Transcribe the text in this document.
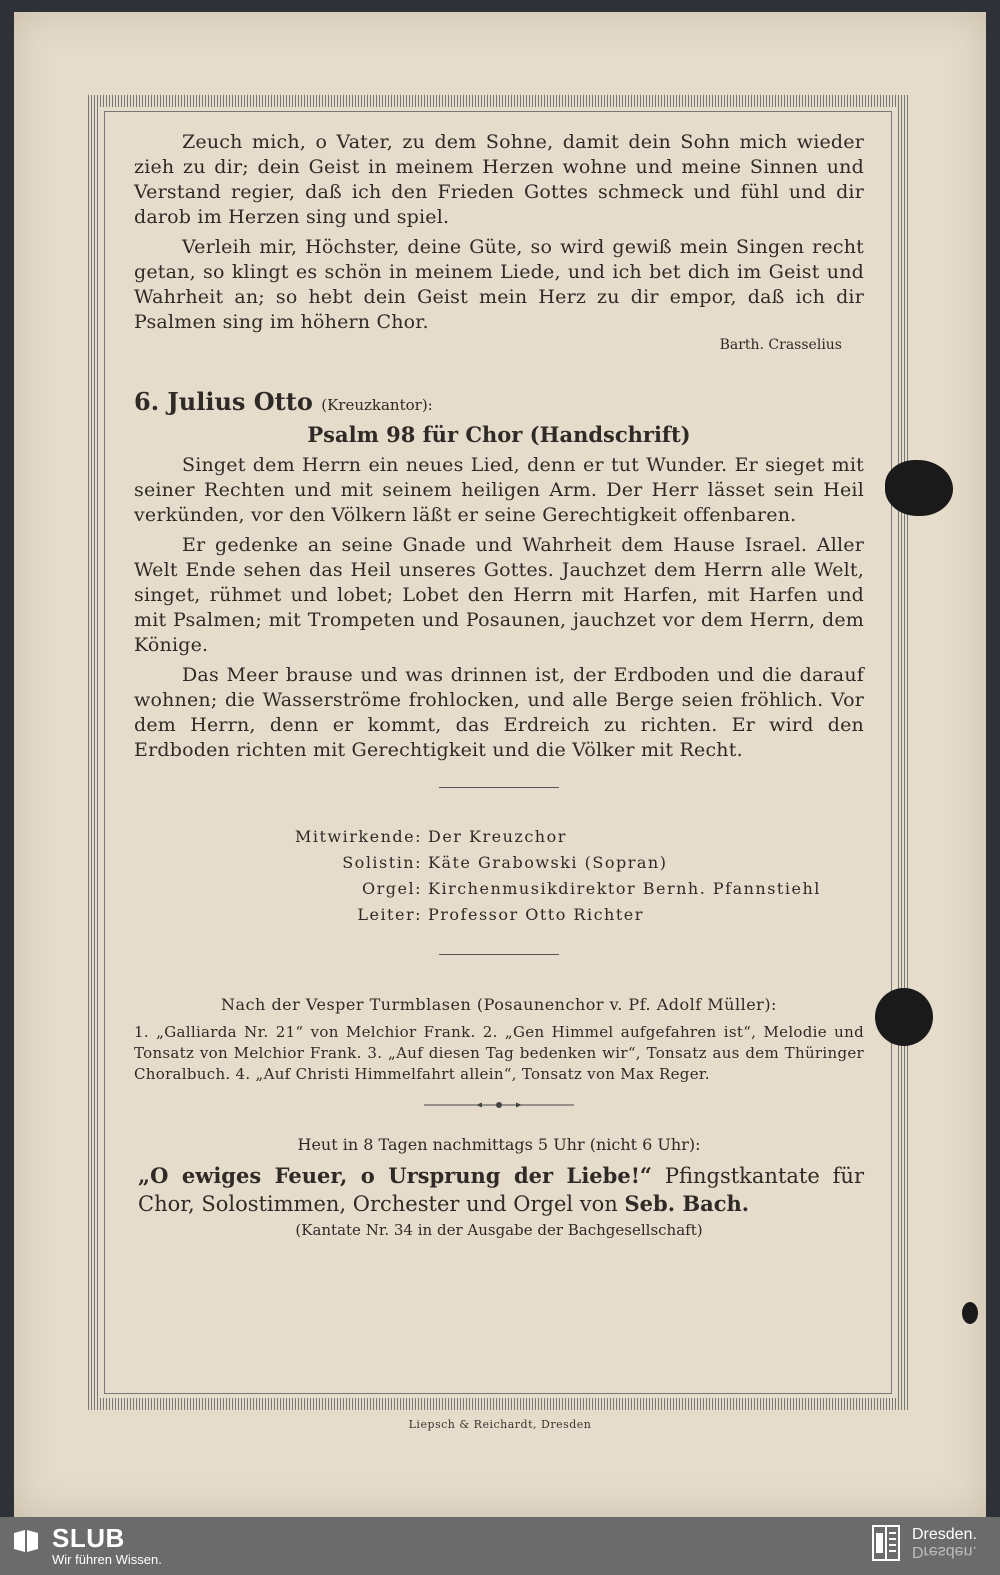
Zeuch mich, o Vater, zu dem Sohne, damit dein Sohn mich wieder zieh zu dir; dein Geist in meinem Herzen wohne und meine Sinnen und Verstand regier, daß ich den Frieden Gottes schmeck und fühl und dir darob im Herzen sing und spiel.

Verleih mir, Höchster, deine Güte, so wird gewiß mein Singen recht getan, so klingt es schön in meinem Liede, und ich bet dich im Geist und Wahrheit an; so hebt dein Geist mein Herz zu dir empor, daß ich dir Psalmen sing im höhern Chor.

Barth. Crasselius

6. Julius Otto (Kreuzkantor):

Psalm 98 für Chor (Handschrift)

Singet dem Herrn ein neues Lied, denn er tut Wunder. Er sieget mit seiner Rechten und mit seinem heiligen Arm. Der Herr lässet sein Heil verkünden, vor den Völkern läßt er seine Gerechtigkeit offenbaren.

Er gedenke an seine Gnade und Wahrheit dem Hause Israel. Aller Welt Ende sehen das Heil unseres Gottes. Jauchzet dem Herrn alle Welt, singet, rühmet und lobet; Lobet den Herrn mit Harfen, mit Harfen und mit Psalmen; mit Trompeten und Posaunen, jauchzet vor dem Herrn, dem Könige.

Das Meer brause und was drinnen ist, der Erdboden und die darauf wohnen; die Wasserströme frohlocken, und alle Berge seien fröhlich. Vor dem Herrn, denn er kommt, das Erdreich zu richten. Er wird den Erdboden richten mit Gerechtigkeit und die Völker mit Recht.

Mitwirkende: Der Kreuzchor
Solistin: Käte Grabowski (Sopran)
Orgel: Kirchenmusikdirektor Bernh. Pfannstiehl
Leiter: Professor Otto Richter

Nach der Vesper Turmblasen (Posaunenchor v. Pf. Adolf Müller):

1. „Galliarda Nr. 21“ von Melchior Frank. 2. „Gen Himmel aufgefahren ist“, Melodie und Tonsatz von Melchior Frank. 3. „Auf diesen Tag bedenken wir“, Tonsatz aus dem Thüringer Choralbuch. 4. „Auf Christi Himmelfahrt allein“, Tonsatz von Max Reger.

Heut in 8 Tagen nachmittags 5 Uhr (nicht 6 Uhr):

„O ewiges Feuer, o Ursprung der Liebe!“ Pfingstkantate für Chor, Solostimmen, Orchester und Orgel von Seb. Bach.

(Kantate Nr. 34 in der Ausgabe der Bachgesellschaft)

Liepsch & Reichardt, Dresden

SLUB
Wir führen Wissen.
Dresden.
Dresden.
